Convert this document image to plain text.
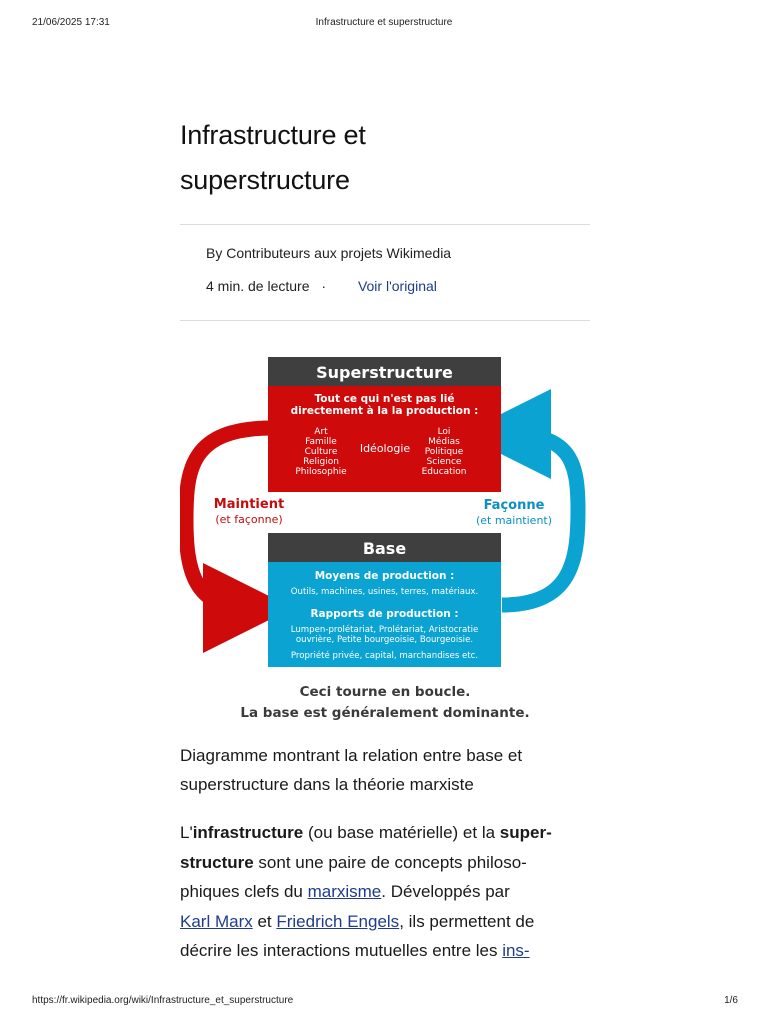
21/06/2025 17:31	Infrastructure et superstructure
Infrastructure et
superstructure
By Contributeurs aux projets Wikimedia
4 min. de lecture · Voir l'original
Superstructure
Tout ce qui n'est pas lié
directement à la la production :
Art
Famille
Culture
Religion
Philosophie
Idéologie
Loi
Médias
Politique
Science
Education
Maintient
(et façonne)
Façonne
(et maintient)
Base
Moyens de production :
Outils, machines, usines, terres, matériaux.
Rapports de production :
Lumpen-prolétariat, Prolétariat, Aristocratie
ouvrière, Petite bourgeoisie, Bourgeoisie.
Propriété privée, capital, marchandises etc.
Ceci tourne en boucle.
La base est généralement dominante.

Diagramme montrant la relation entre base et
superstructure dans la théorie marxiste

L'infrastructure (ou base matérielle) et la super-
structure sont une paire de concepts philoso-
phiques clefs du marxisme. Développés par
Karl Marx et Friedrich Engels, ils permettent de
décrire les interactions mutuelles entre les ins-

https://fr.wikipedia.org/wiki/Infrastructure_et_superstructure	1/6
